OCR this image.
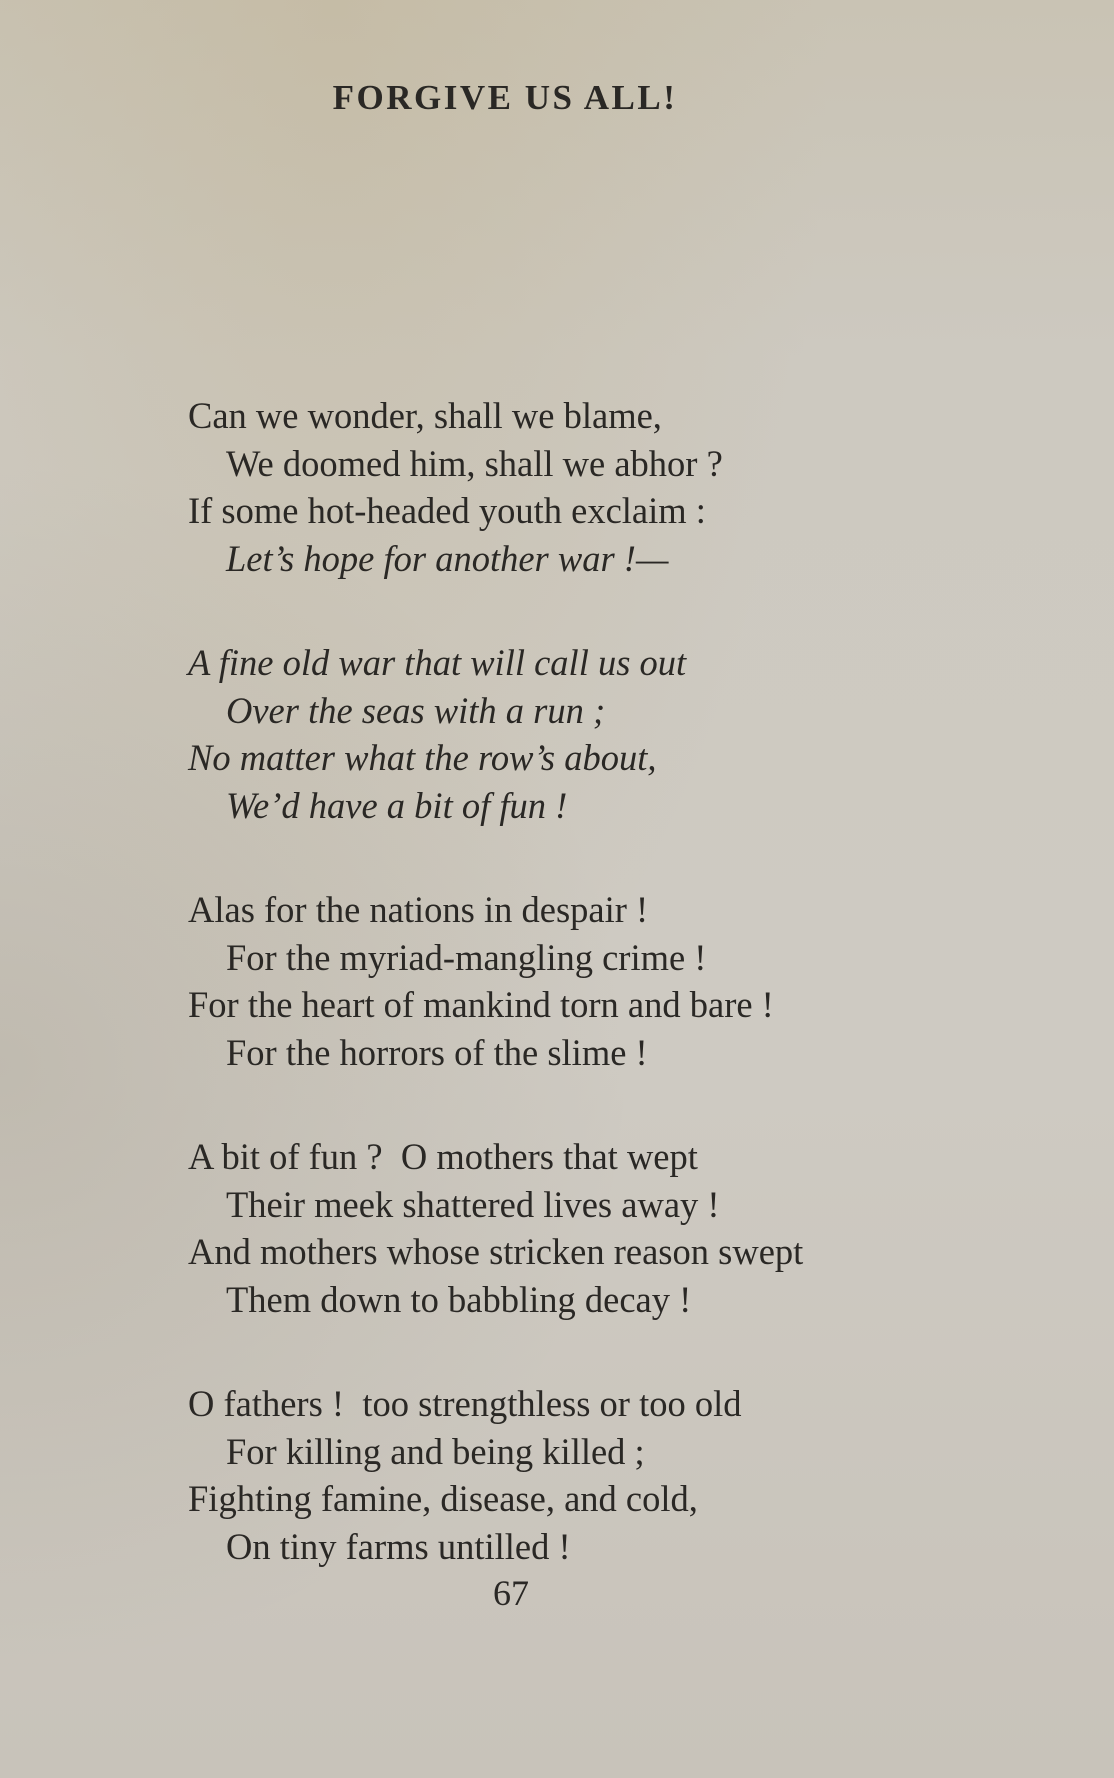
FORGIVE US ALL!
Can we wonder, shall we blame,
We doomed him, shall we abhor ?
If some hot-headed youth exclaim :
Let’s hope for another war !—
A fine old war that will call us out
Over the seas with a run ;
No matter what the row’s about,
We’d have a bit of fun !
Alas for the nations in despair !
For the myriad-mangling crime !
For the heart of mankind torn and bare !
For the horrors of the slime !
A bit of fun ?  O mothers that wept
Their meek shattered lives away !
And mothers whose stricken reason swept
Them down to babbling decay !
O fathers !  too strengthless or too old
For killing and being killed ;
Fighting famine, disease, and cold,
On tiny farms untilled !
67
